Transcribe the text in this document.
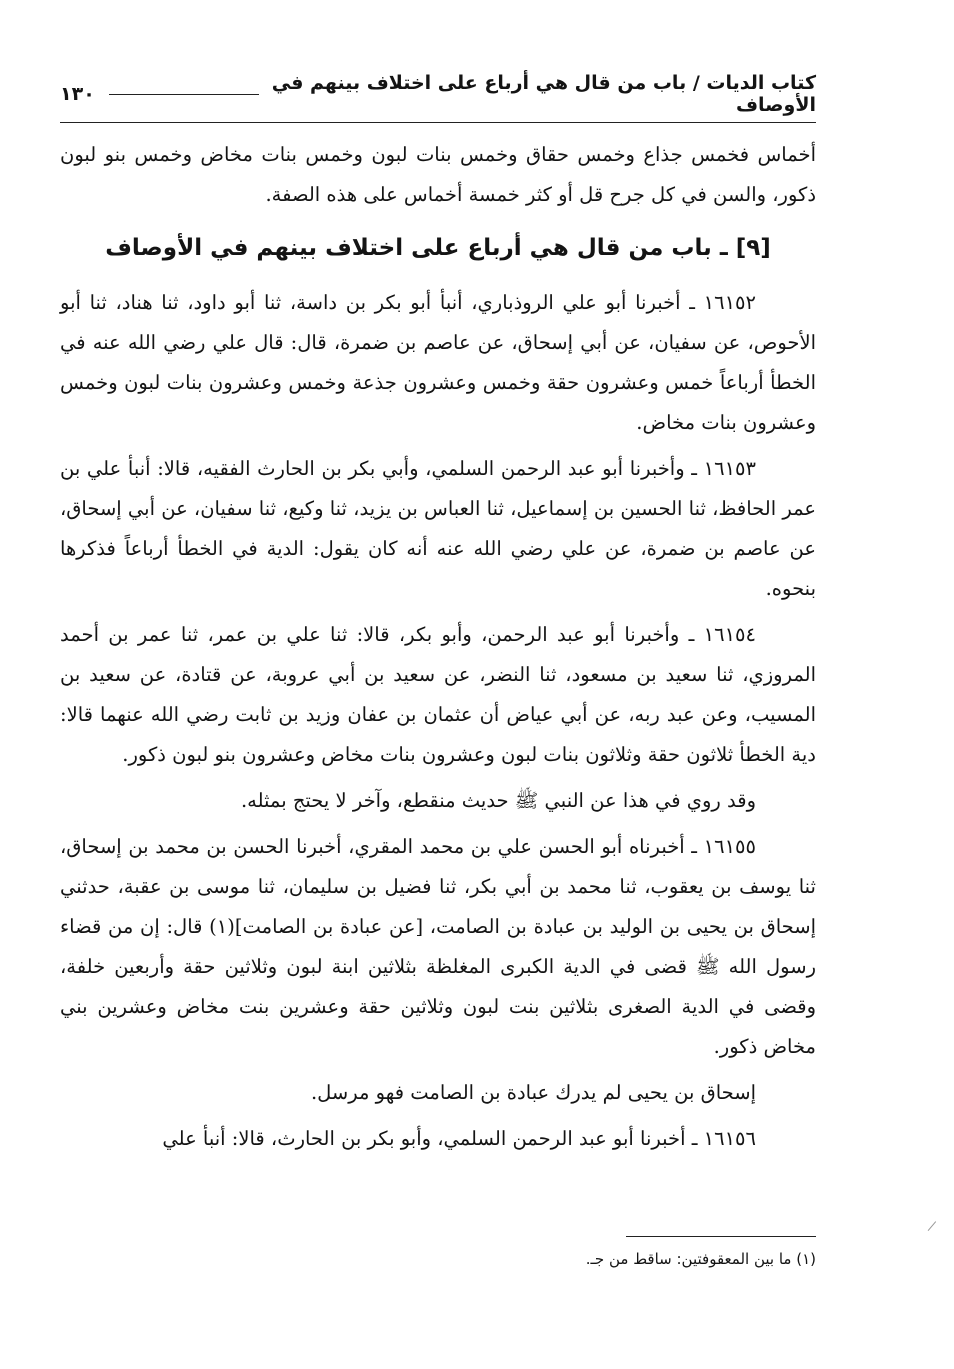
كتاب الديات / باب من قال هي أرباع على اختلاف بينهم في الأوصاف
١٣٠

أخماس فخمس جذاع وخمس حقاق وخمس بنات لبون وخمس بنات مخاض وخمس بنو لبون ذكور، والسن في كل جرح قل أو كثر خمسة أخماس على هذه الصفة.

[٩] ـ باب من قال هي أرباع على اختلاف بينهم في الأوصاف

١٦١٥٢ ـ أخبرنا أبو علي الروذباري، أنبأ أبو بكر بن داسة، ثنا أبو داود، ثنا هناد، ثنا أبو الأحوص، عن سفيان، عن أبي إسحاق، عن عاصم بن ضمرة، قال: قال علي رضي الله عنه في الخطأ أرباعاً خمس وعشرون حقة وخمس وعشرون جذعة وخمس وعشرون بنات لبون وخمس وعشرون بنات مخاض.

١٦١٥٣ ـ وأخبرنا أبو عبد الرحمن السلمي، وأبي بكر بن الحارث الفقيه، قالا: أنبأ علي بن عمر الحافظ، ثنا الحسين بن إسماعيل، ثنا العباس بن يزيد، ثنا وكيع، ثنا سفيان، عن أبي إسحاق، عن عاصم بن ضمرة، عن علي رضي الله عنه أنه كان يقول: الدية في الخطأ أرباعاً فذكرها بنحوه.

١٦١٥٤ ـ وأخبرنا أبو عبد الرحمن، وأبو بكر، قالا: ثنا علي بن عمر، ثنا عمر بن أحمد المروزي، ثنا سعيد بن مسعود، ثنا النضر، عن سعيد بن أبي عروبة، عن قتادة، عن سعيد بن المسيب، وعن عبد ربه، عن أبي عياض أن عثمان بن عفان وزيد بن ثابت رضي الله عنهما قالا: دية الخطأ ثلاثون حقة وثلاثون بنات لبون وعشرون بنات مخاض وعشرون بنو لبون ذكور.

وقد روي في هذا عن النبي ﷺ حديث منقطع، وآخر لا يحتج بمثله.

١٦١٥٥ ـ أخبرناه أبو الحسن علي بن محمد المقري، أخبرنا الحسن بن محمد بن إسحاق، ثنا يوسف بن يعقوب، ثنا محمد بن أبي بكر، ثنا فضيل بن سليمان، ثنا موسى بن عقبة، حدثني إسحاق بن يحيى بن الوليد بن عبادة بن الصامت، [عن عبادة بن الصامت](١) قال: إن من قضاء رسول الله ﷺ قضى في الدية الكبرى المغلظة بثلاثين ابنة لبون وثلاثين حقة وأربعين خلفة، وقضى في الدية الصغرى بثلاثين بنت لبون وثلاثين حقة وعشرين بنت مخاض وعشرين بني مخاض ذكور.

إسحاق بن يحيى لم يدرك عبادة بن الصامت فهو مرسل.

١٦١٥٦ ـ أخبرنا أبو عبد الرحمن السلمي، وأبو بكر بن الحارث، قالا: أنبأ علي

(١) ما بين المعقوفتين: ساقط من جـ.
